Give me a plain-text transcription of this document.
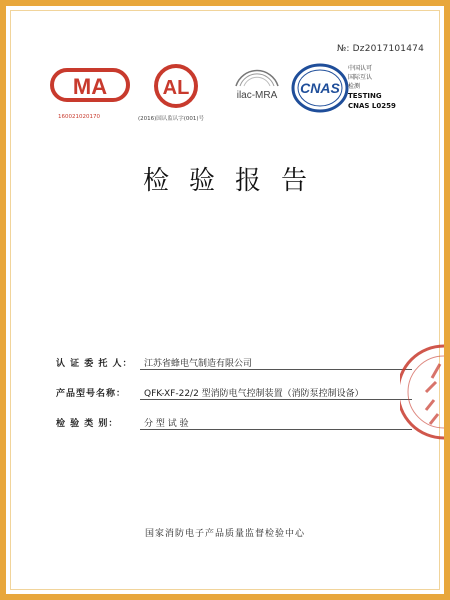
№: Dz2017101474
MA
160021020170
AL
(2016)国认监认字(001)号
ilac-MRA CNAS
中国认可
国际互认
检测
TESTING
CNAS L0259
检验报告
认 证 委 托 人： 江苏省蜂电气制造有限公司
产品型号名称： QFK-XF-22/2 型消防电气控制装置（消防泵控制设备）
检 验 类 别：	分 型 试 验
国家消防电子产品质量监督检验中心
